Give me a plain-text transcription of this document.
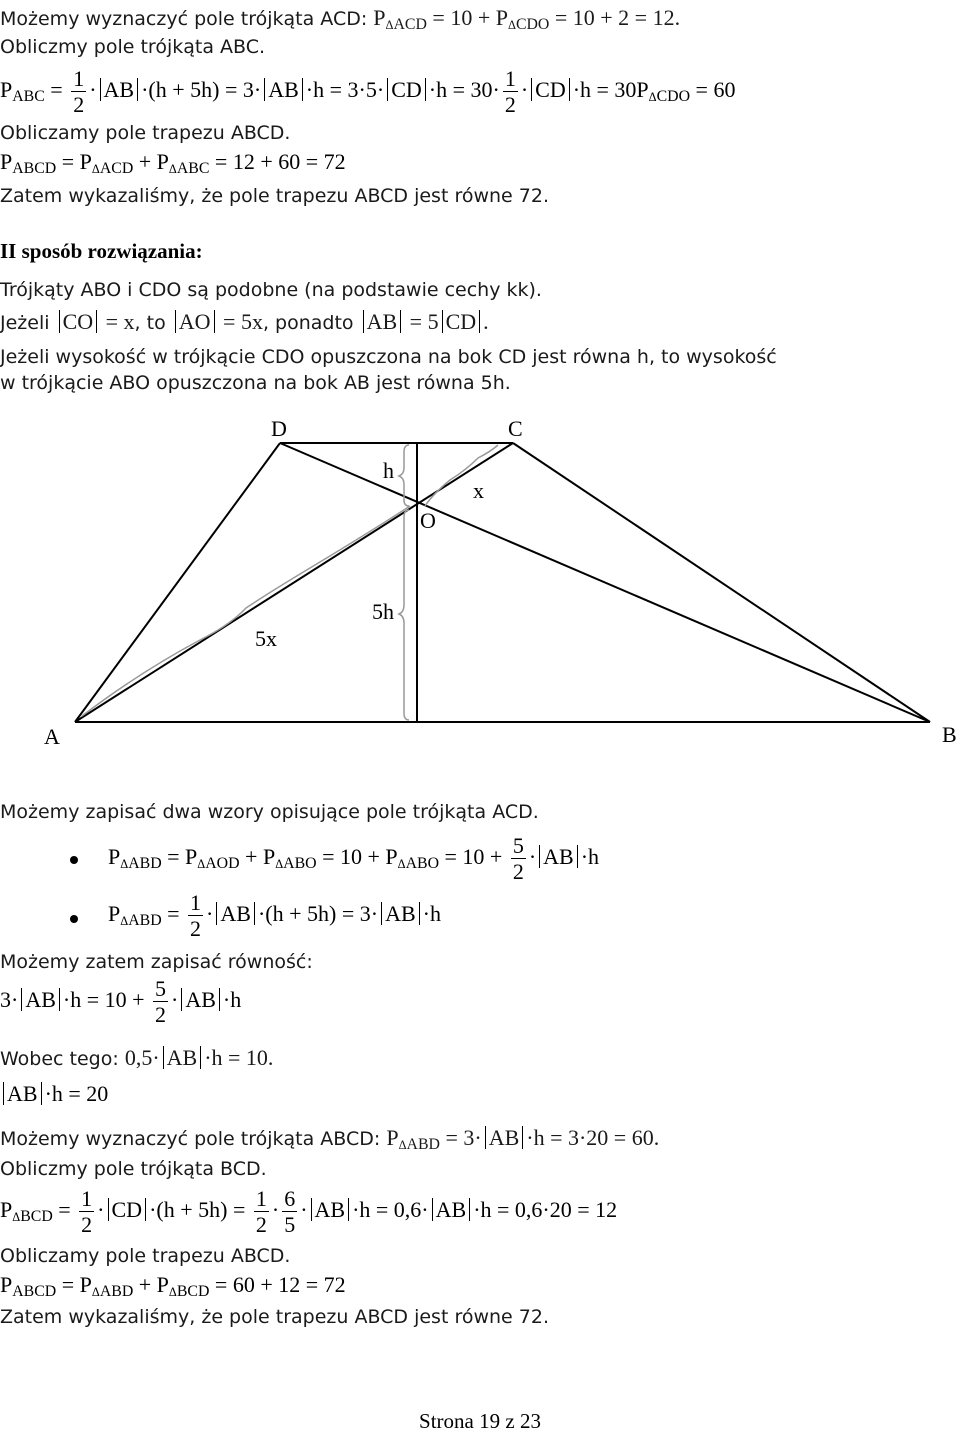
Możemy wyznaczyć pole trójkąta ACD: $P_{\Delta ACD} = 10 + P_{\Delta CDO} = 10 + 2 = 12$.
Obliczmy pole trójkąta ABC.
$P_{ABC} = \frac{1}{2}$ · AB ·(h + 5h) = 3· AB ·h = 3·5· CD $\cdot h = 30\cdot \frac{1}{2}$ · CD $\cdot h = 30P_{\Delta CDO} = 60$
Obliczamy pole trapezu ABCD.
$P_{ABCD} = P_{\Delta ACD} + P_{\Delta ABC} = 12 + 60 = 72$
Zatem wykazaliśmy, że pole trapezu ABCD jest równe 72.
II sposób rozwiązania:
Trójkąty ABO i CDO są podobne (na podstawie cechy kk).
Jeżeli CO = x, to AO = 5x, ponadto AB = 5 CD .
Jeżeli wysokość w trójkącie CDO opuszczona na bok CD jest równa h, to wysokość
w trójkącie ABO opuszczona na bok AB jest równa 5h.
D	C
A	B
O
h
x
5x
5h
Możemy zapisać dwa wzory opisujące pole trójkąta ACD.
$P_{\Delta ABD} = P_{\Delta AOD} + P_{\Delta ABO} = 10 + P_{\Delta ABO} = 10 + \frac{5}{2}$ · AB ·h
$P_{\Delta ABD} = \frac{1}{2}$ · AB ·(h + 5h) = 3· AB ·h
Możemy zatem zapisać równość:
3· AB $\cdot h = 10 + \frac{5}{2}$ · AB ·h
Wobec tego: 0,5· AB ·h = 10.
AB ·h = 20
Możemy wyznaczyć pole trójkąta ABCD: $P_{\Delta ABD} = 3\cdot$ AB ·h = 3·20 = 60.
Obliczmy pole trójkąta BCD.
$P_{\Delta BCD} = \frac{1}{2}$ · CD $\cdot(h + 5h) = \frac{1}{2} \cdot \frac{6}{5}$ · AB ·h = 0,6· AB ·h = 0,6·20 = 12
Obliczamy pole trapezu ABCD.
$P_{ABCD} = P_{\Delta ABD} + P_{\Delta BCD} = 60 + 12 = 72$
Zatem wykazaliśmy, że pole trapezu ABCD jest równe 72.
Strona 19 z 23
